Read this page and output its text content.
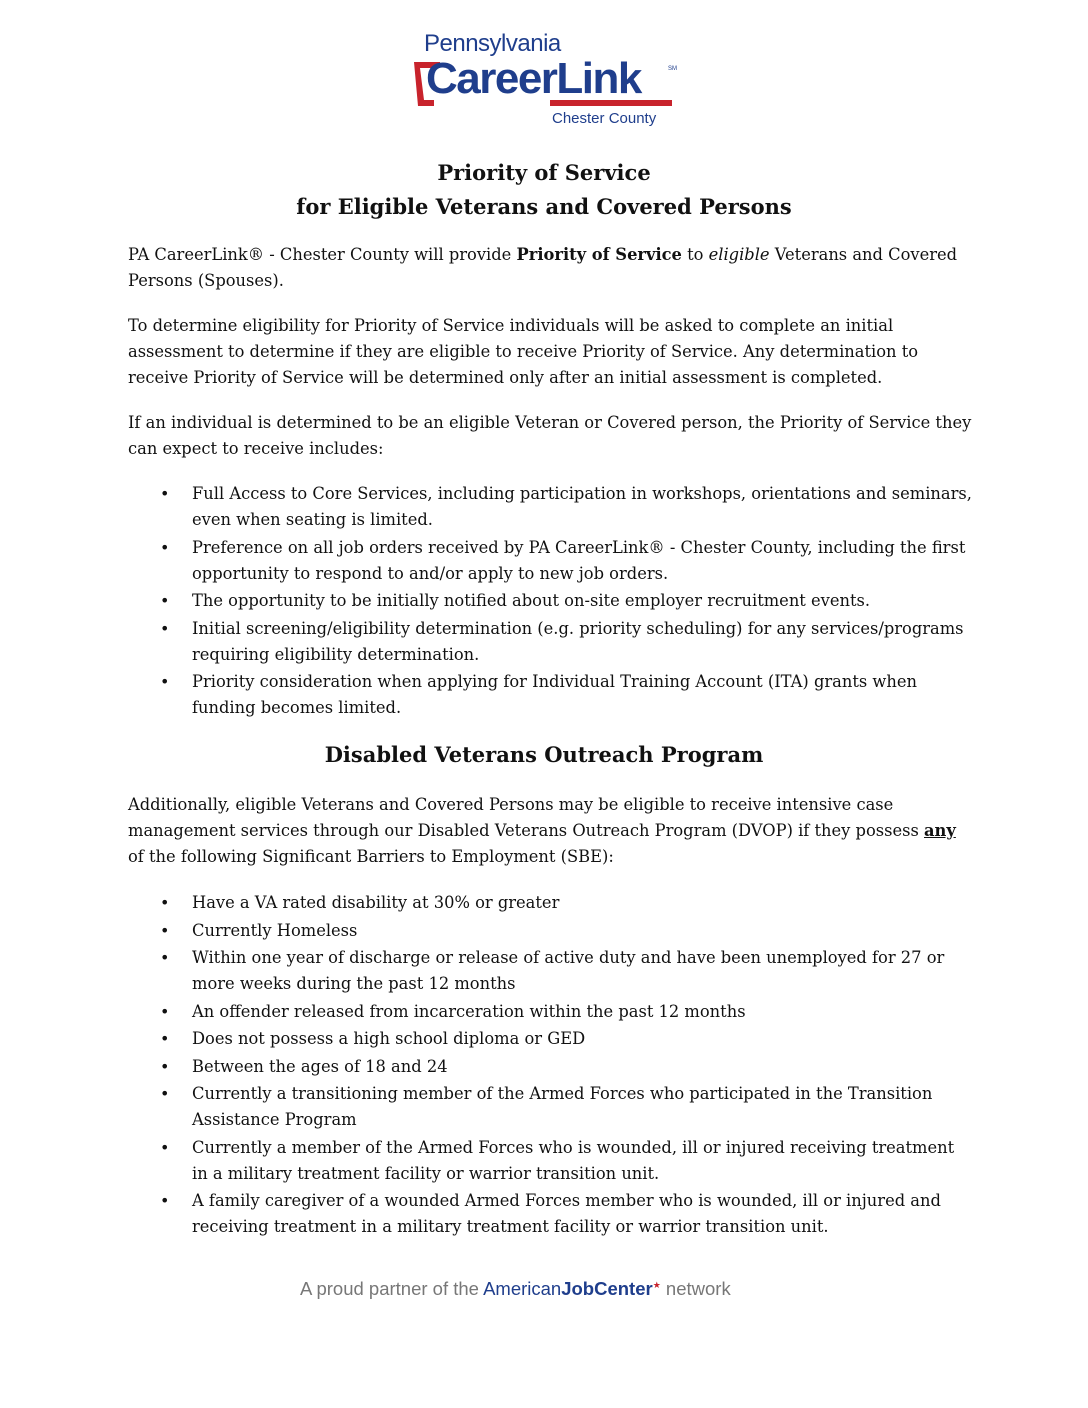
Pennsylvania
CareerLink	SM
Chester County
Priority of Service
for Eligible Veterans and Covered Persons
PA CareerLink® - Chester County will provide Priority of Service to eligible Veterans and Covered Persons (Spouses).
To determine eligibility for Priority of Service individuals will be asked to complete an initial assessment to determine if they are eligible to receive Priority of Service. Any determination to receive Priority of Service will be determined only after an initial assessment is completed.
If an individual is determined to be an eligible Veteran or Covered person, the Priority of Service they can expect to receive includes:
• Full Access to Core Services, including participation in workshops, orientations and seminars, even when seating is limited.
• Preference on all job orders received by PA CareerLink® - Chester County, including the first opportunity to respond to and/or apply to new job orders.
• The opportunity to be initially notified about on-site employer recruitment events.
• Initial screening/eligibility determination (e.g. priority scheduling) for any services/programs requiring eligibility determination.
• Priority consideration when applying for Individual Training Account (ITA) grants when funding becomes limited.
Disabled Veterans Outreach Program
Additionally, eligible Veterans and Covered Persons may be eligible to receive intensive case management services through our Disabled Veterans Outreach Program (DVOP) if they possess any of the following Significant Barriers to Employment (SBE):
• Have a VA rated disability at 30% or greater
• Currently Homeless
• Within one year of discharge or release of active duty and have been unemployed for 27 or more weeks during the past 12 months
• An offender released from incarceration within the past 12 months
• Does not possess a high school diploma or GED
• Between the ages of 18 and 24
• Currently a transitioning member of the Armed Forces who participated in the Transition Assistance Program
• Currently a member of the Armed Forces who is wounded, ill or injured receiving treatment in a military treatment facility or warrior transition unit.
• A family caregiver of a wounded Armed Forces member who is wounded, ill or injured and receiving treatment in a military treatment facility or warrior transition unit.
A proud partner of the AmericanJobCenter★ network
